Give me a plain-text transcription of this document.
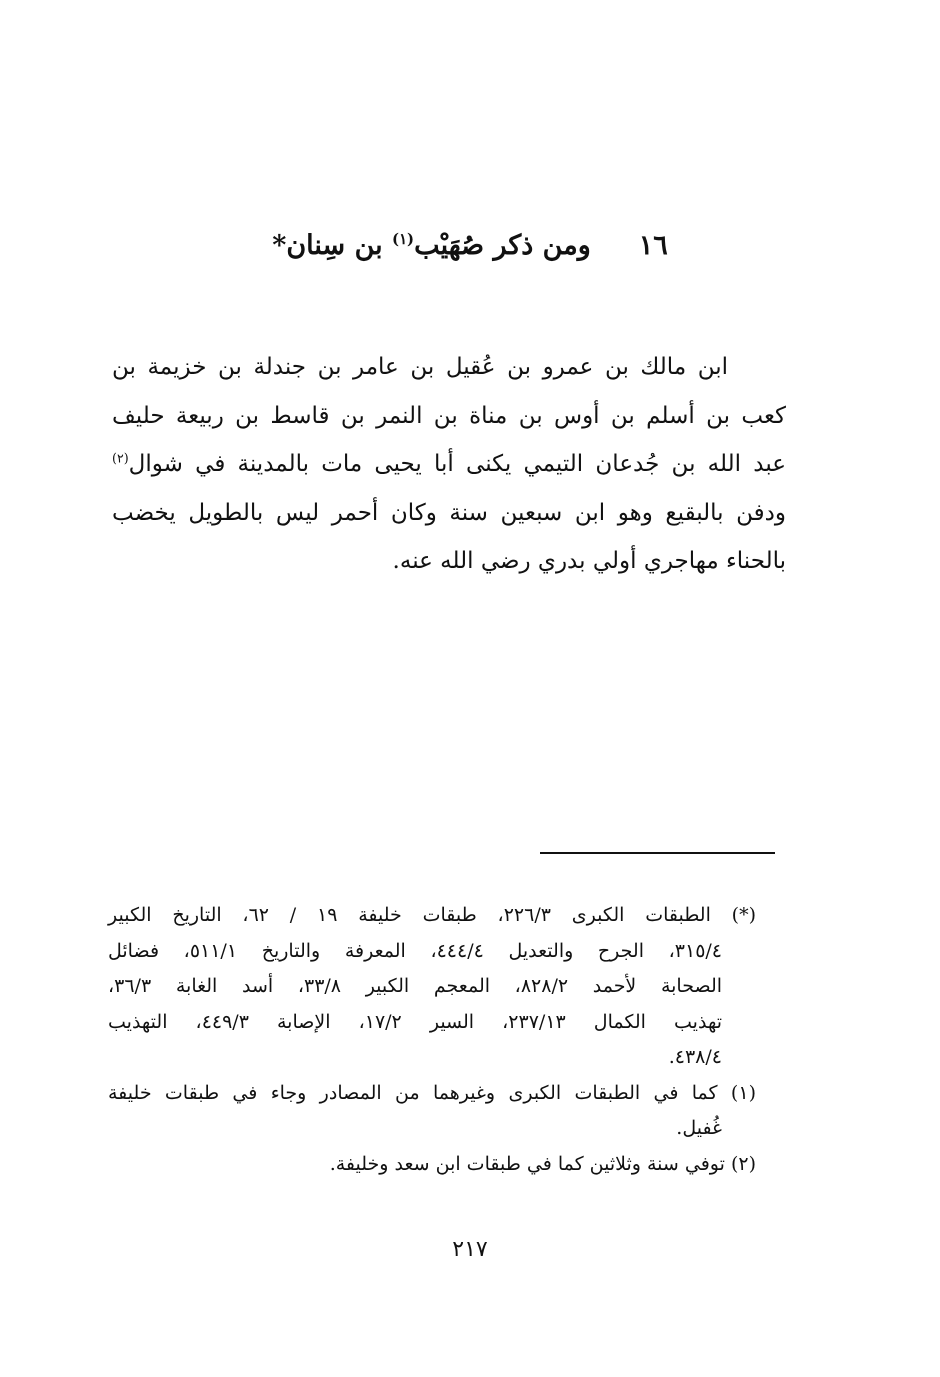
١٦ومن ذكر صُهَيْب$^{(١)}$ بن سِنان*
ابن مالك بن عمرو بن عُقيل بن عامر بن جندلة بن خزيمة بن
كعب بن أسلم بن أوس بن مناة بن النمر بن قاسط بن ربيعة حليف
عبد الله بن جُدعان التيمي يكنى أبا يحيى مات بالمدينة في شوال$^{(٢)}$
ودفن بالبقيع وهو ابن سبعين سنة وكان أحمر ليس بالطويل يخضب
بالحناء مهاجري أولي بدري رضي الله عنه.
(*) الطبقات الكبرى ٢٢٦/٣، طبقات خليفة ١٩ / ٦٢، التاريخ الكبير
٣١٥/٤، الجرح والتعديل ٤٤٤/٤، المعرفة والتاريخ ٥١١/١، فضائل
الصحابة لأحمد ٨٢٨/٢، المعجم الكبير ٣٣/٨، أسد الغابة ٣٦/٣،
تهذيب الكمال ٢٣٧/١٣، السير ١٧/٢، الإصابة ٤٤٩/٣، التهذيب
٤٣٨/٤.
(١) كما في الطبقات الكبرى وغيرهما من المصادر وجاء في طبقات خليفة
غُفيل.
(٢) توفي سنة وثلاثين كما في طبقات ابن سعد وخليفة.
٢١٧
